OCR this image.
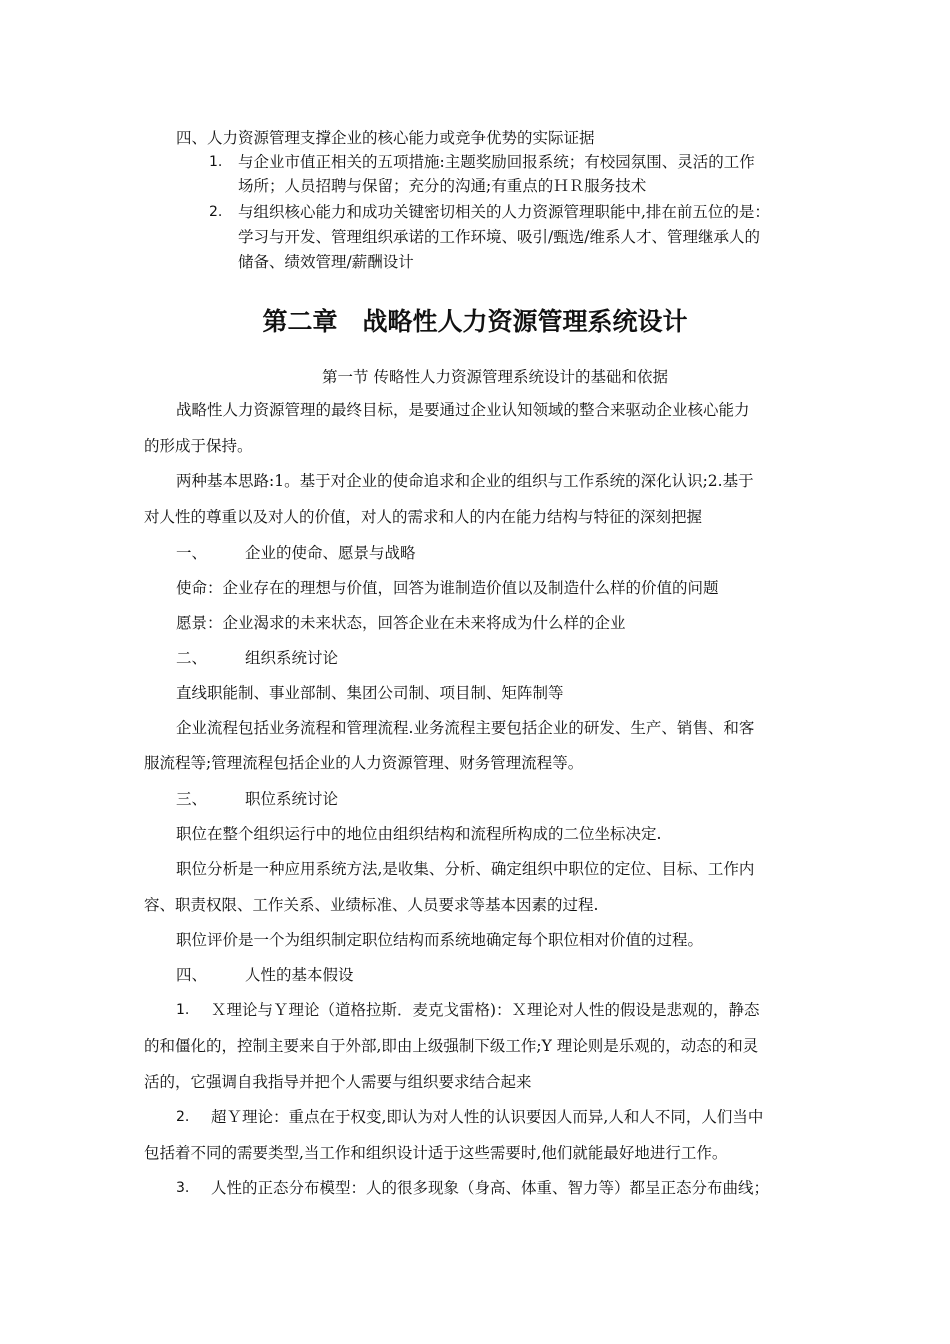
四、人力资源管理支撑企业的核心能力或竞争优势的实际证据
1. 与企业市值正相关的五项措施:主题奖励回报系统；有校园氛围、灵活的工作
场所；人员招聘与保留；充分的沟通;有重点的ＨＲ服务技术
2. 与组织核心能力和成功关键密切相关的人力资源管理职能中,排在前五位的是：
学习与开发、管理组织承诺的工作环境、吸引/甄选/维系人才、管理继承人的
储备、绩效管理/薪酬设计
第二章　战略性人力资源管理系统设计
第一节 传略性人力资源管理系统设计的基础和依据
战略性人力资源管理的最终目标，是要通过企业认知领域的整合来驱动企业核心能力
的形成于保持。
两种基本思路:1。基于对企业的使命追求和企业的组织与工作系统的深化认识;2.基于
对人性的尊重以及对人的价值，对人的需求和人的内在能力结构与特征的深刻把握
一、 企业的使命、愿景与战略
使命：企业存在的理想与价值，回答为谁制造价值以及制造什么样的价值的问题
愿景：企业渴求的未来状态，回答企业在未来将成为什么样的企业
二、 组织系统讨论
直线职能制、事业部制、集团公司制、项目制、矩阵制等
企业流程包括业务流程和管理流程.业务流程主要包括企业的研发、生产、销售、和客
服流程等;管理流程包括企业的人力资源管理、财务管理流程等。
三、 职位系统讨论
职位在整个组织运行中的地位由组织结构和流程所构成的二位坐标决定.
职位分析是一种应用系统方法,是收集、分析、确定组织中职位的定位、目标、工作内
容、职责权限、工作关系、业绩标准、人员要求等基本因素的过程.
职位评价是一个为组织制定职位结构而系统地确定每个职位相对价值的过程。
四、 人性的基本假设
1. Ｘ理论与Ｙ理论（道格拉斯．麦克戈雷格)：Ｘ理论对人性的假设是悲观的，静态
的和僵化的，控制主要来自于外部,即由上级强制下级工作;Y 理论则是乐观的，动态的和灵
活的，它强调自我指导并把个人需要与组织要求结合起来
2. 超Ｙ理论：重点在于权变,即认为对人性的认识要因人而异,人和人不同，人们当中
包括着不同的需要类型,当工作和组织设计适于这些需要时,他们就能最好地进行工作。
3. 人性的正态分布模型：人的很多现象（身高、体重、智力等）都呈正态分布曲线；
